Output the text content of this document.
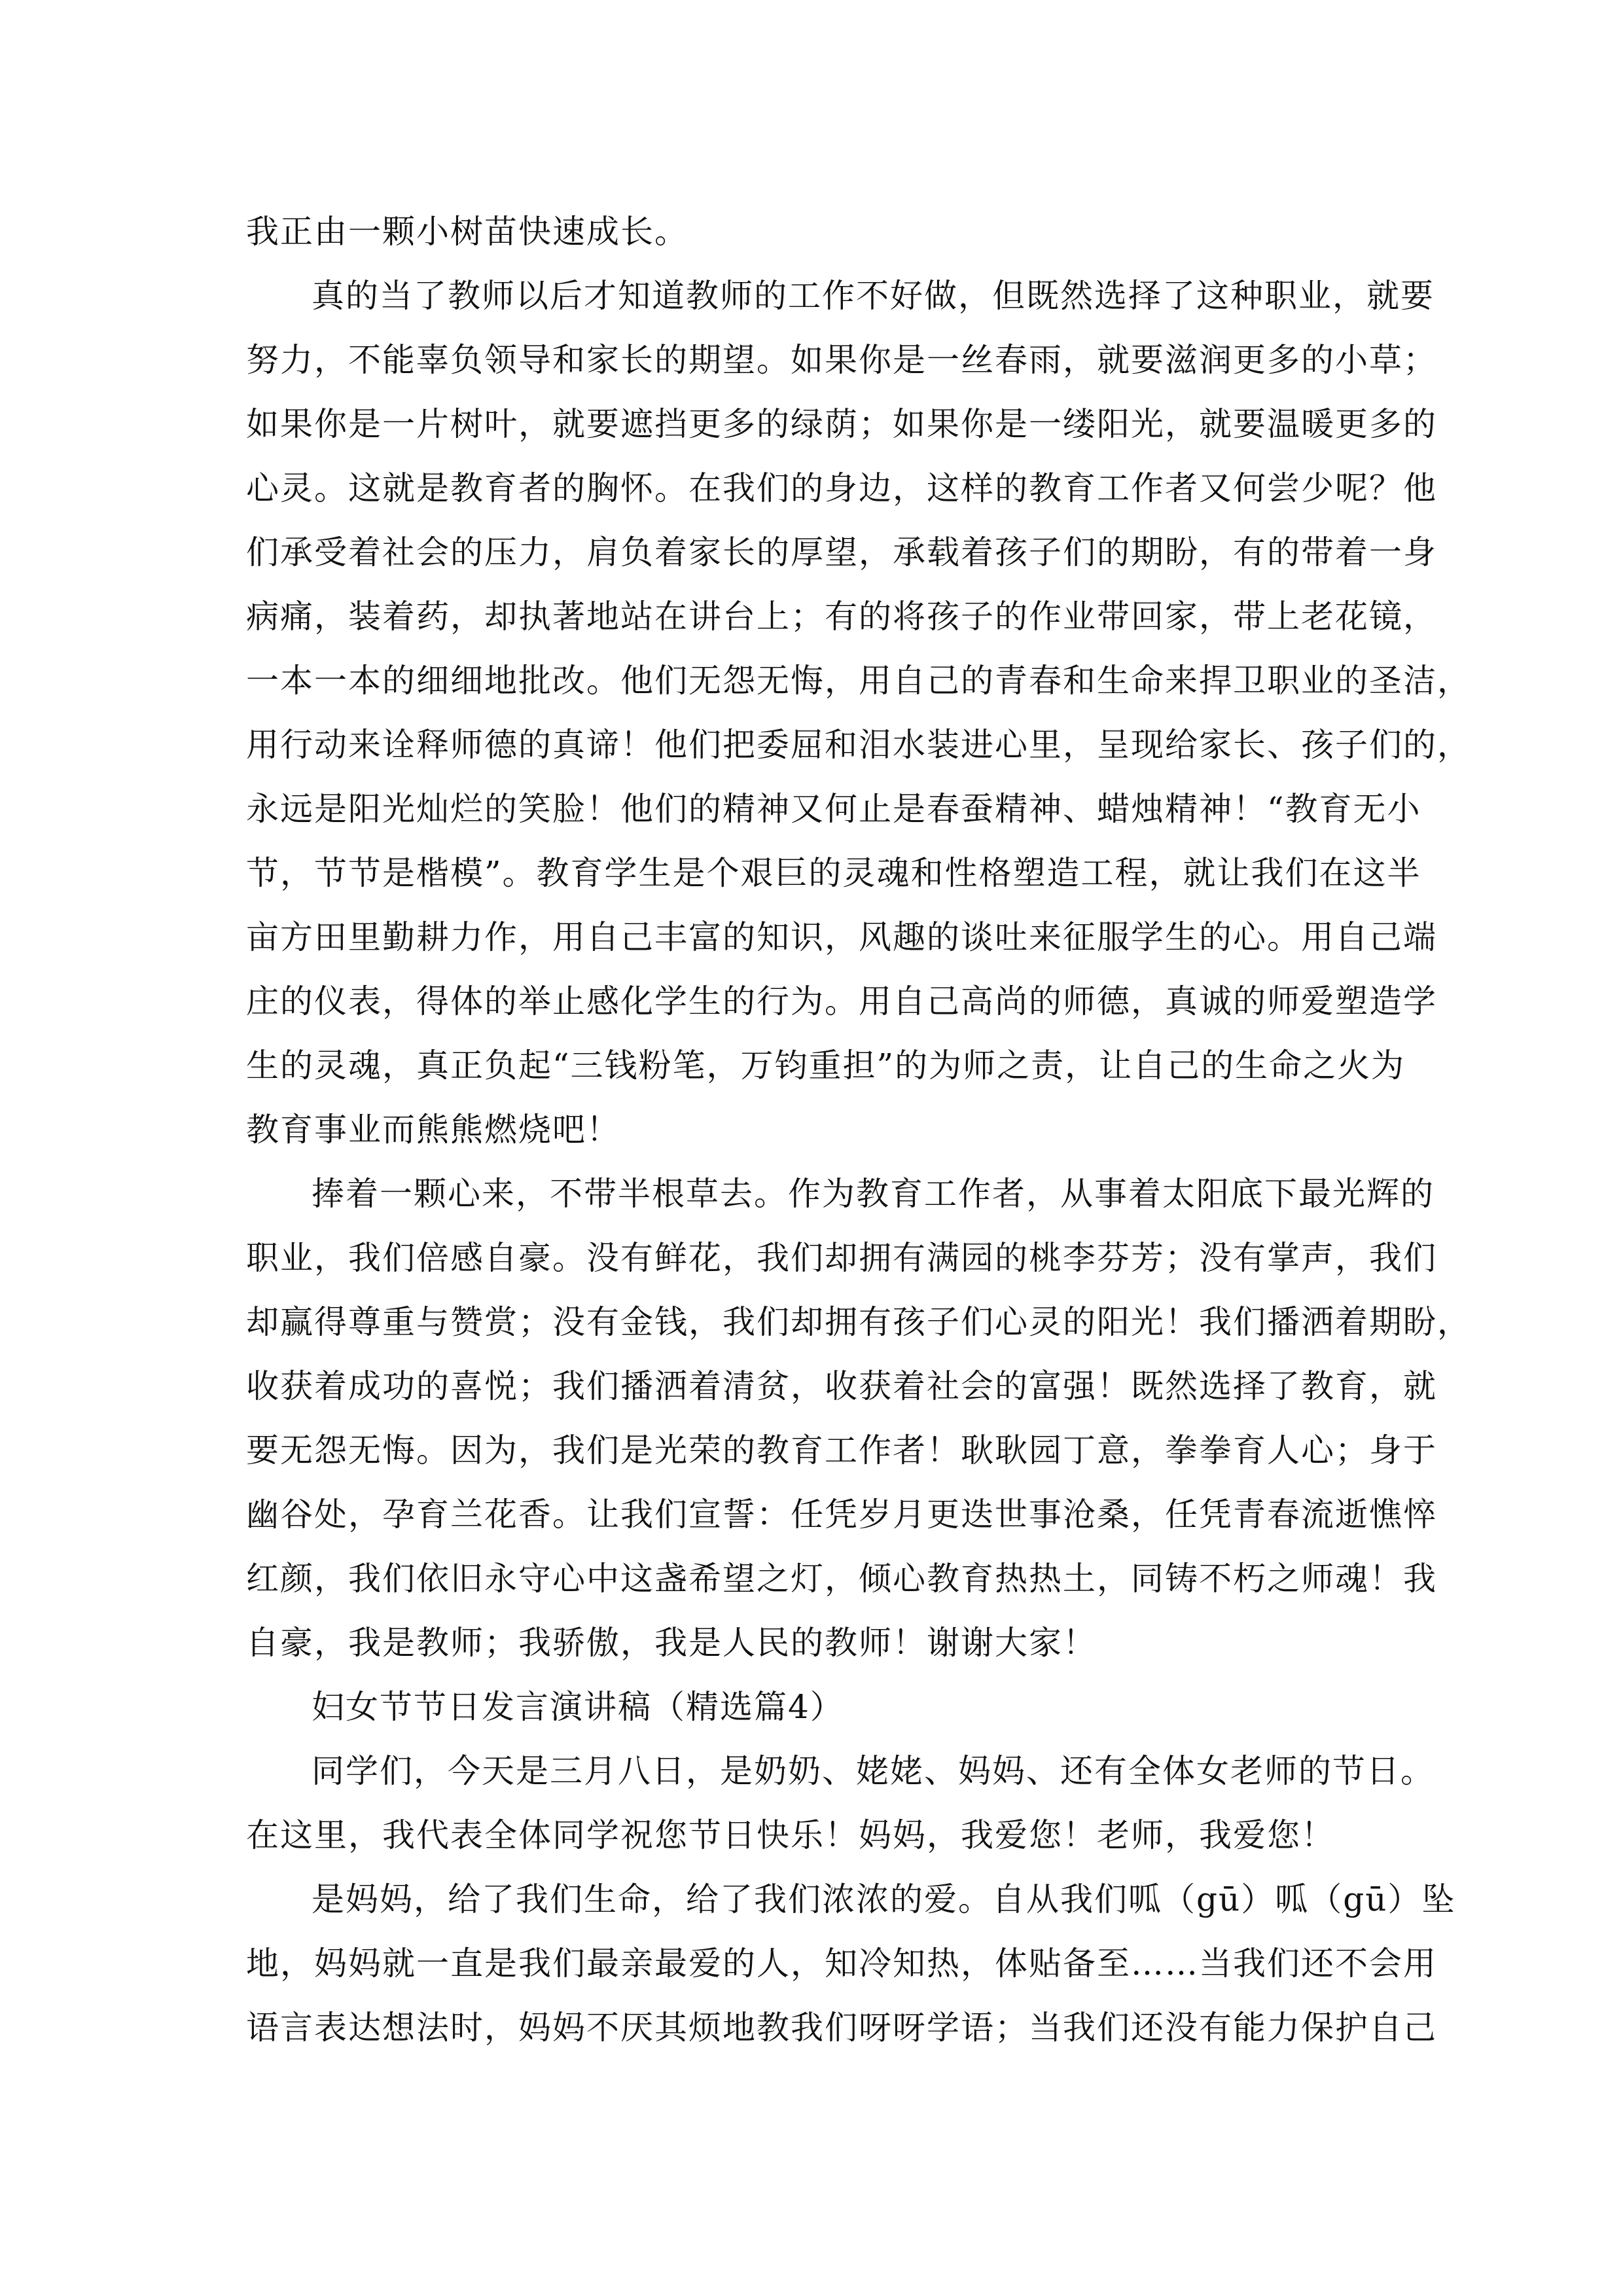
我正由一颗小树苗快速成长。
真的当了教师以后才知道教师的工作不好做，但既然选择了这种职业，就要
努力，不能辜负领导和家长的期望。如果你是一丝春雨，就要滋润更多的小草；
如果你是一片树叶，就要遮挡更多的绿荫；如果你是一缕阳光，就要温暖更多的
心灵。这就是教育者的胸怀。在我们的身边，这样的教育工作者又何尝少呢？他
们承受着社会的压力，肩负着家长的厚望，承载着孩子们的期盼，有的带着一身
病痛，装着药，却执著地站在讲台上；有的将孩子的作业带回家，带上老花镜，
一本一本的细细地批改。他们无怨无悔，用自己的青春和生命来捍卫职业的圣洁，
用行动来诠释师德的真谛！他们把委屈和泪水装进心里，呈现给家长、孩子们的，
永远是阳光灿烂的笑脸！他们的精神又何止是春蚕精神、蜡烛精神！“教育无小
节，节节是楷模”。教育学生是个艰巨的灵魂和性格塑造工程，就让我们在这半
亩方田里勤耕力作，用自己丰富的知识，风趣的谈吐来征服学生的心。用自己端
庄的仪表，得体的举止感化学生的行为。用自己高尚的师德，真诚的师爱塑造学
生的灵魂，真正负起“三钱粉笔，万钧重担”的为师之责，让自己的生命之火为
教育事业而熊熊燃烧吧！
捧着一颗心来，不带半根草去。作为教育工作者，从事着太阳底下最光辉的
职业，我们倍感自豪。没有鲜花，我们却拥有满园的桃李芬芳；没有掌声，我们
却赢得尊重与赞赏；没有金钱，我们却拥有孩子们心灵的阳光！我们播洒着期盼，
收获着成功的喜悦；我们播洒着清贫，收获着社会的富强！既然选择了教育，就
要无怨无悔。因为，我们是光荣的教育工作者！耿耿园丁意，拳拳育人心；身于
幽谷处，孕育兰花香。让我们宣誓：任凭岁月更迭世事沧桑，任凭青春流逝憔悴
红颜，我们依旧永守心中这盏希望之灯，倾心教育热热土，同铸不朽之师魂！我
自豪，我是教师；我骄傲，我是人民的教师！谢谢大家！
妇女节节日发言演讲稿（精选篇4）
同学们，今天是三月八日，是奶奶、姥姥、妈妈、还有全体女老师的节日。
在这里，我代表全体同学祝您节日快乐！妈妈，我爱您！老师，我爱您！
是妈妈，给了我们生命，给了我们浓浓的爱。自从我们呱（gū）呱（gū）坠
地，妈妈就一直是我们最亲最爱的人，知冷知热，体贴备至……当我们还不会用
语言表达想法时，妈妈不厌其烦地教我们呀呀学语；当我们还没有能力保护自己
